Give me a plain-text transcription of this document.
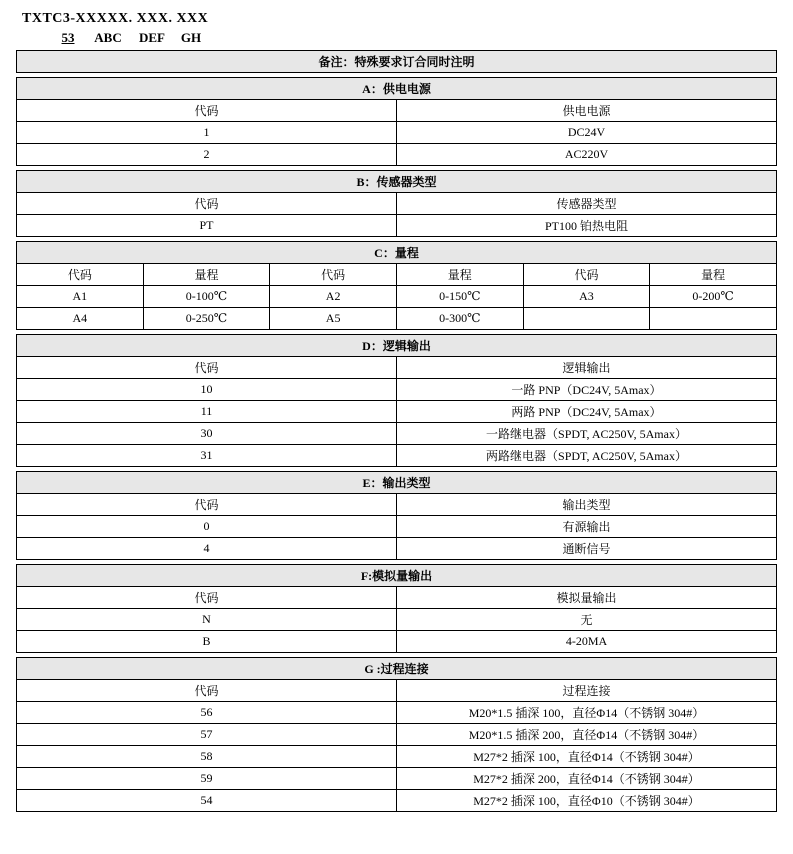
TXTC3-XXXXX. XXX. XXX
53 ABC DEF GH
备注：特殊要求订合同时注明
A：供电电源	
代码	供电电源
1	DC24V
2	AC220V
B：传感器类型	
代码	传感器类型
PT	PT100 铂热电阻
C：量程					
代码	量程	代码	量程	代码	量程
A1	0-100℃	A2	0-150℃	A3	0-200℃
A4	0-250℃	A5	0-300℃		
D：逻辑输出	
代码	逻辑输出
10	一路 PNP（DC24V, 5Amax）
11	两路 PNP（DC24V, 5Amax）
30	一路继电器（SPDT, AC250V, 5Amax）
31	两路继电器（SPDT, AC250V, 5Amax）
E：输出类型	
代码	输出类型
0	有源输出
4	通断信号
F:模拟量输出	
代码	模拟量输出
N	无
B	4-20MA
G :过程连接	
代码	过程连接
56	M20*1.5 插深 100，直径Φ14（不锈钢 304#）
57	M20*1.5 插深 200，直径Φ14（不锈钢 304#）
58	M27*2 插深 100，直径Φ14（不锈钢 304#）
59	M27*2 插深 200，直径Φ14（不锈钢 304#）
54	M27*2 插深 100，直径Φ10（不锈钢 304#）
